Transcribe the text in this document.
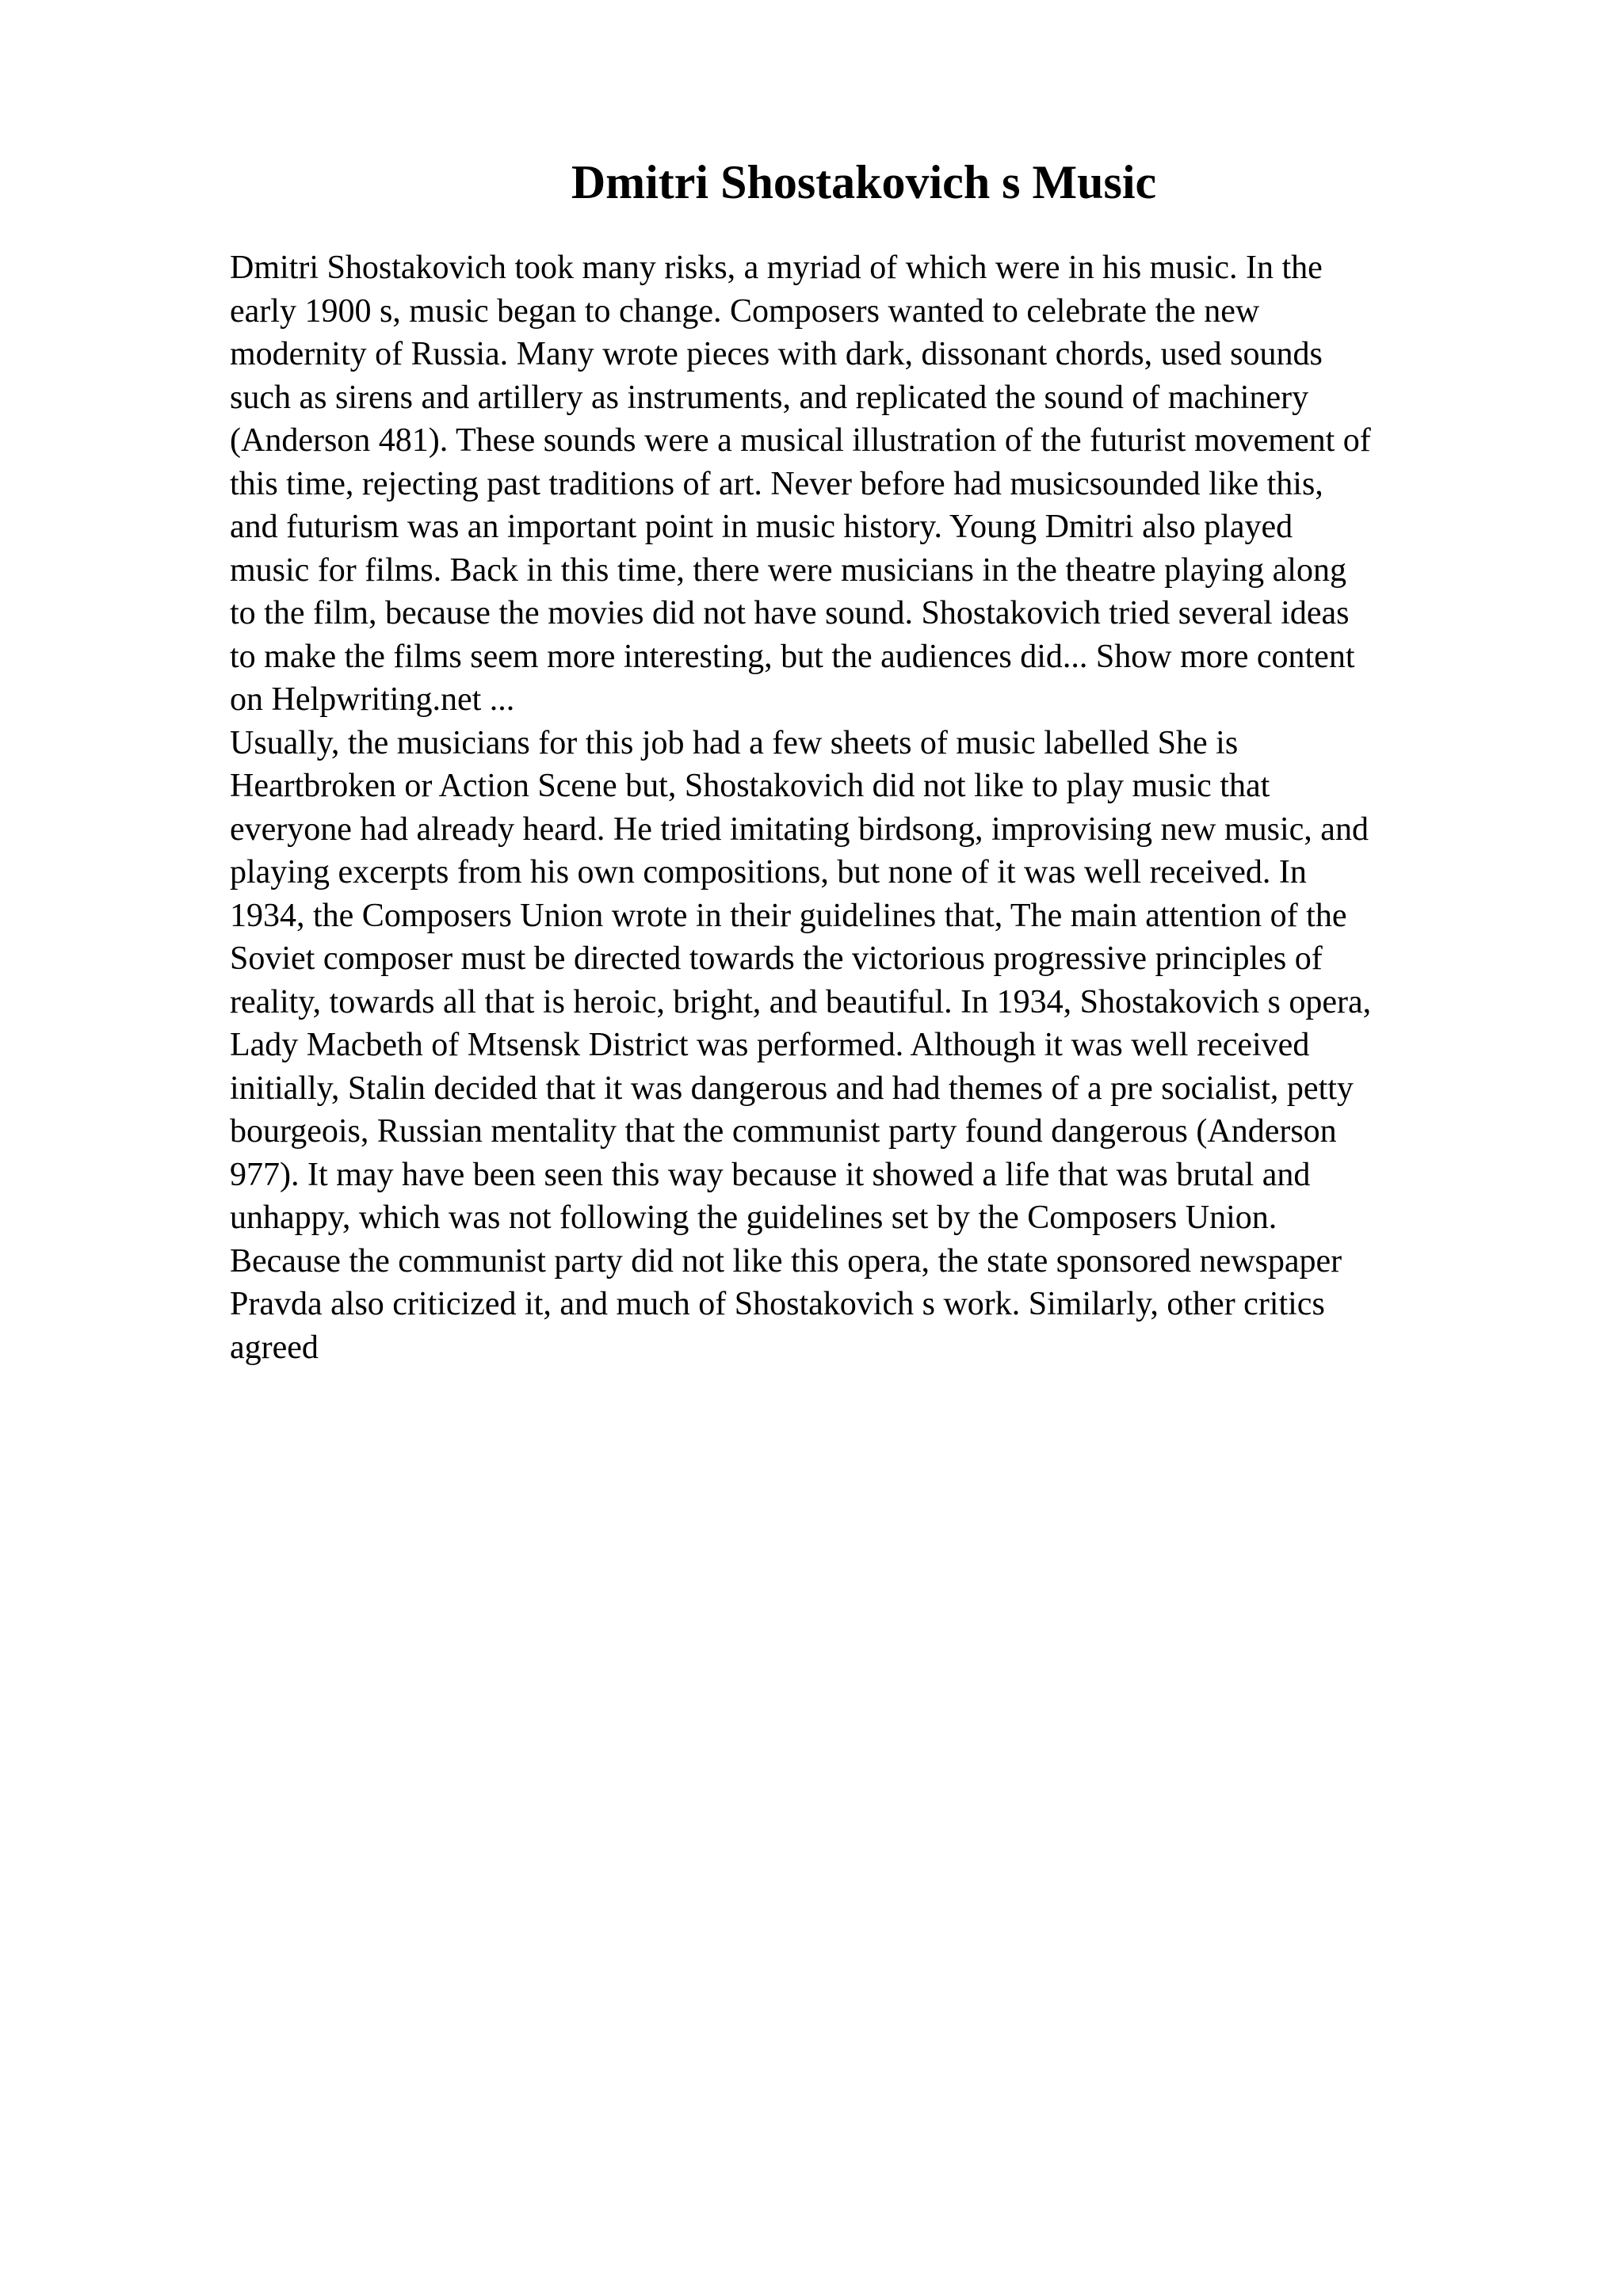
Dmitri Shostakovich s Music
Dmitri Shostakovich took many risks, a myriad of which were in his music. In the
early 1900 s, music began to change. Composers wanted to celebrate the new
modernity of Russia. Many wrote pieces with dark, dissonant chords, used sounds
such as sirens and artillery as instruments, and replicated the sound of machinery
(Anderson 481). These sounds were a musical illustration of the futurist movement of
this time, rejecting past traditions of art. Never before had musicsounded like this,
and futurism was an important point in music history. Young Dmitri also played
music for films. Back in this time, there were musicians in the theatre playing along
to the film, because the movies did not have sound. Shostakovich tried several ideas
to make the films seem more interesting, but the audiences did... Show more content
on Helpwriting.net ...
Usually, the musicians for this job had a few sheets of music labelled She is
Heartbroken or Action Scene but, Shostakovich did not like to play music that
everyone had already heard. He tried imitating birdsong, improvising new music, and
playing excerpts from his own compositions, but none of it was well received. In
1934, the Composers Union wrote in their guidelines that, The main attention of the
Soviet composer must be directed towards the victorious progressive principles of
reality, towards all that is heroic, bright, and beautiful. In 1934, Shostakovich s opera,
Lady Macbeth of Mtsensk District was performed. Although it was well received
initially, Stalin decided that it was dangerous and had themes of a pre socialist, petty
bourgeois, Russian mentality that the communist party found dangerous (Anderson
977). It may have been seen this way because it showed a life that was brutal and
unhappy, which was not following the guidelines set by the Composers Union.
Because the communist party did not like this opera, the state sponsored newspaper
Pravda also criticized it, and much of Shostakovich s work. Similarly, other critics
agreed
